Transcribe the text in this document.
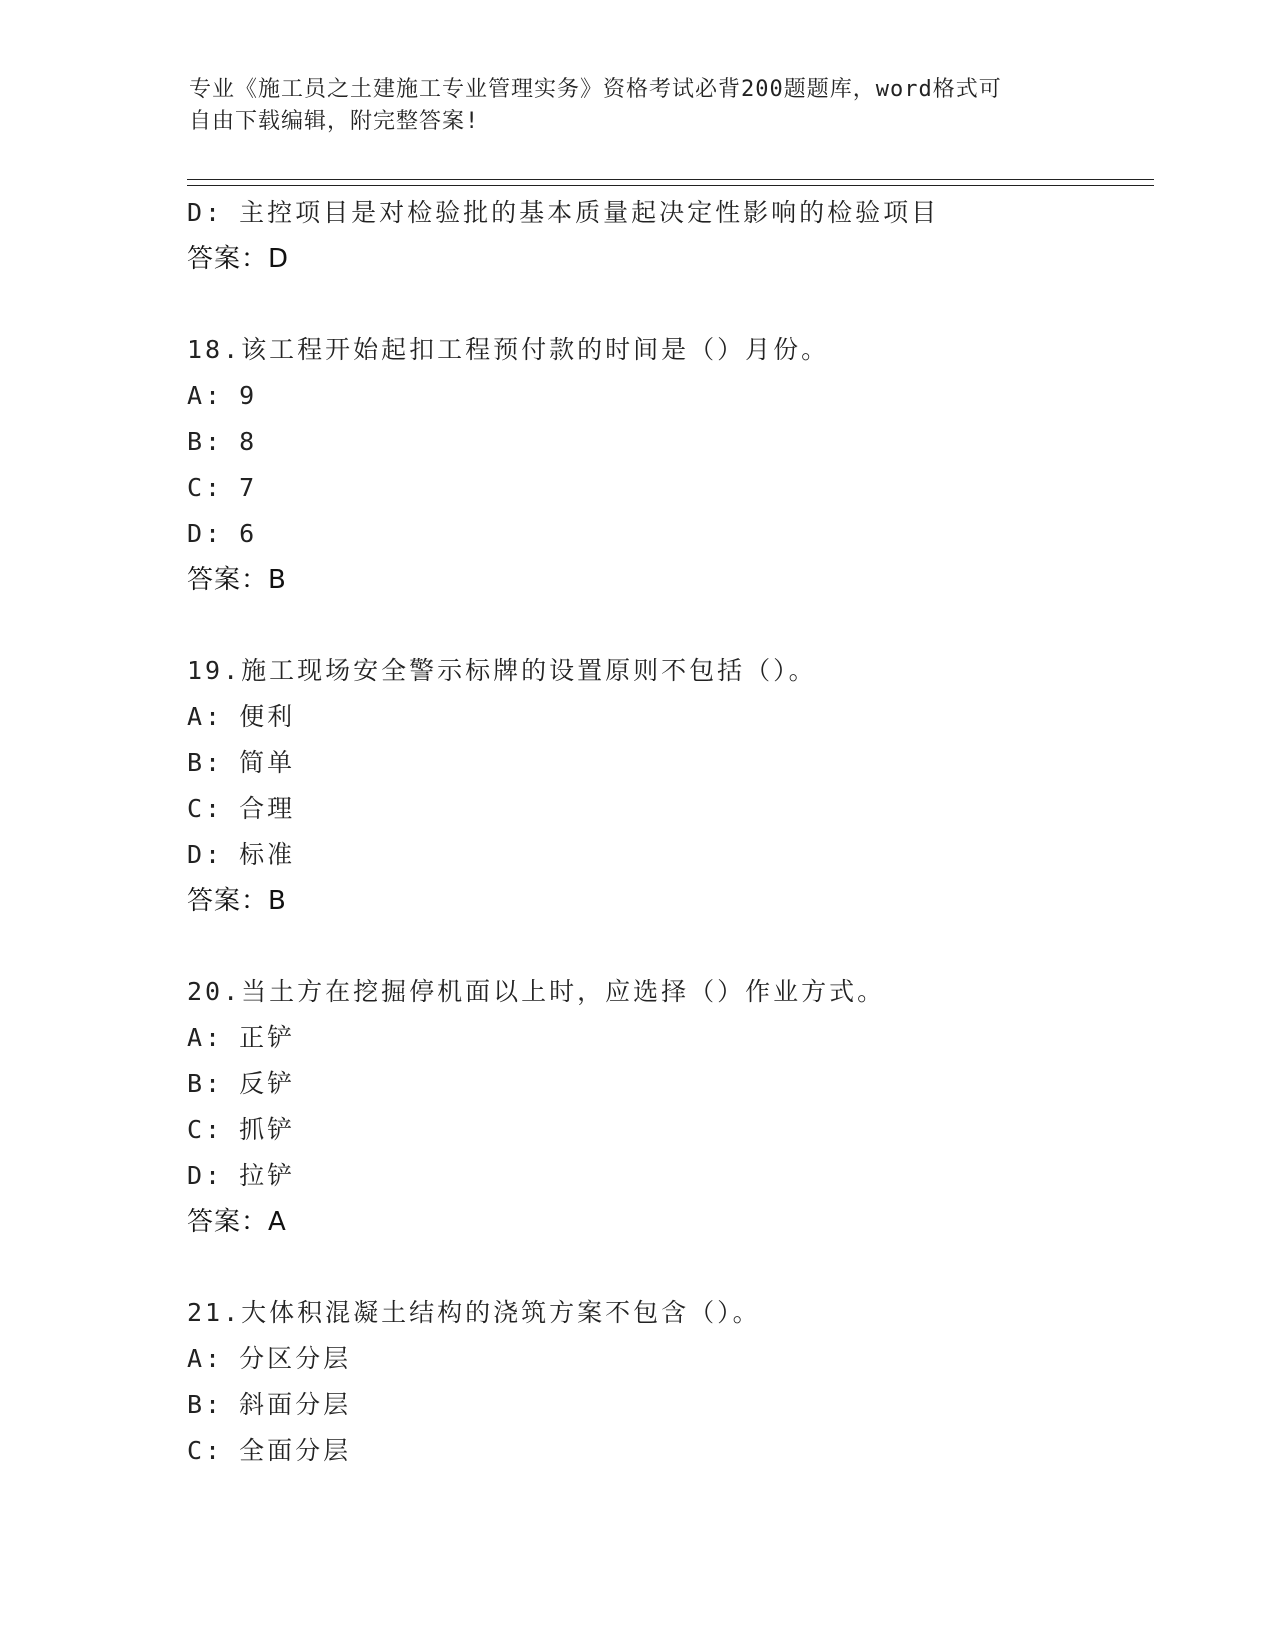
专业《施工员之土建施工专业管理实务》资格考试必背200题题库，word格式可
自由下载编辑，附完整答案!
D: 主控项目是对检验批的基本质量起决定性影响的检验项目
答案：D
18.该工程开始起扣工程预付款的时间是（）月份。
A: 9
B: 8
C: 7
D: 6
答案：B
19.施工现场安全警示标牌的设置原则不包括（）。
A: 便利
B: 简单
C: 合理
D: 标准
答案：B
20.当土方在挖掘停机面以上时，应选择（）作业方式。
A: 正铲
B: 反铲
C: 抓铲
D: 拉铲
答案：A
21.大体积混凝土结构的浇筑方案不包含（）。
A: 分区分层
B: 斜面分层
C: 全面分层
